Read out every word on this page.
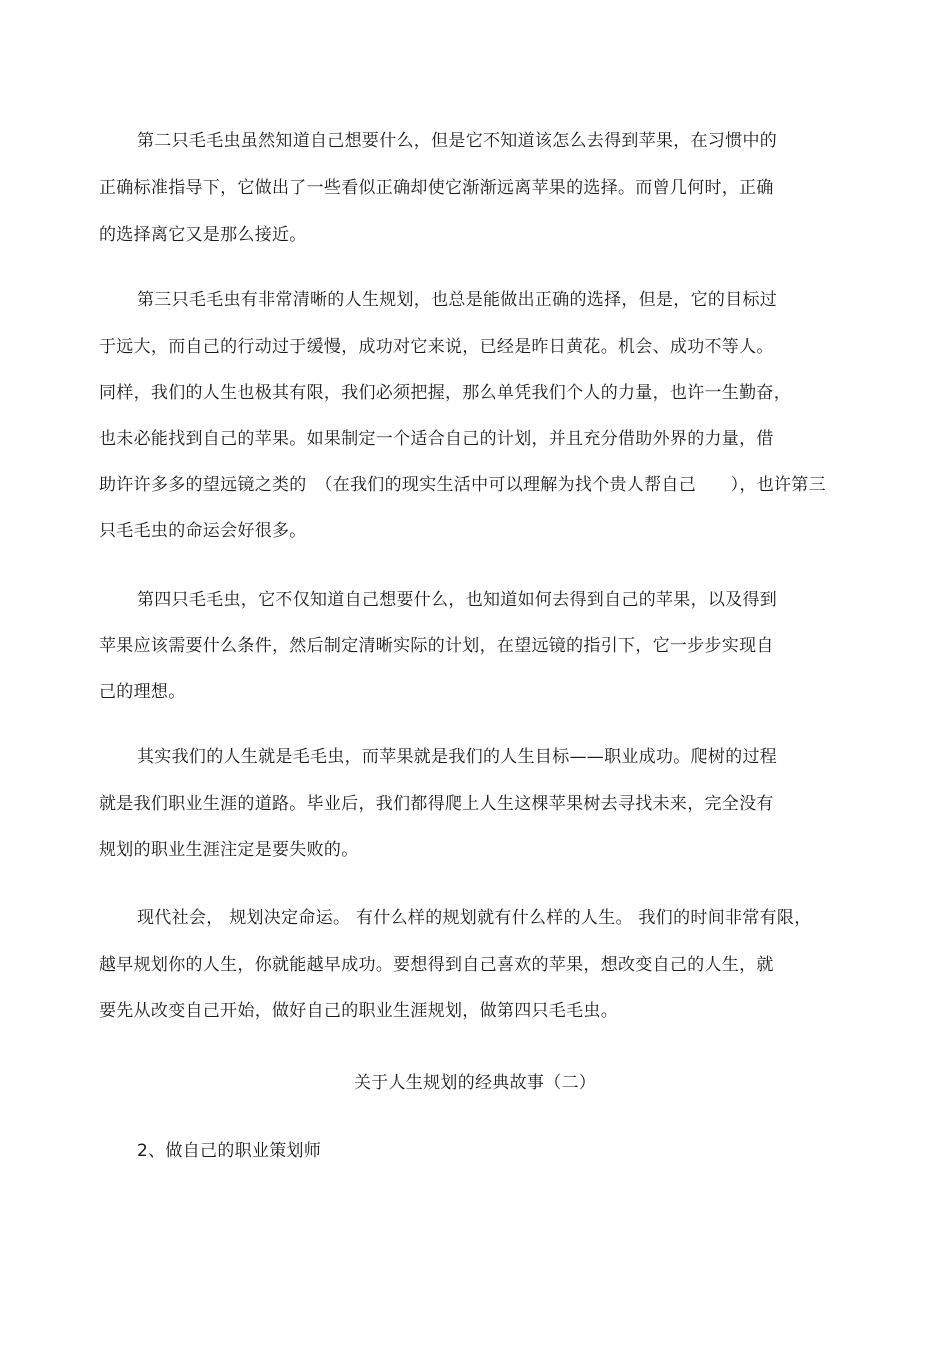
第二只毛毛虫虽然知道自己想要什么，但是它不知道该怎么去得到苹果，在习惯中的
正确标准指导下，它做出了一些看似正确却使它渐渐远离苹果的选择。而曾几何时，正确
的选择离它又是那么接近。
第三只毛毛虫有非常清晰的人生规划，也总是能做出正确的选择，但是，它的目标过
于远大，而自己的行动过于缓慢，成功对它来说，已经是昨日黄花。机会、成功不等人。
同样，我们的人生也极其有限，我们必须把握，那么单凭我们个人的力量，也许一生勤奋，
也未必能找到自己的苹果。如果制定一个适合自己的计划，并且充分借助外界的力量，借
助许许多多的望远镜之类的　（在我们的现实生活中可以理解为找个贵人帮自己　　），也许第三
只毛毛虫的命运会好很多。
第四只毛毛虫，它不仅知道自己想要什么，也知道如何去得到自己的苹果，以及得到
苹果应该需要什么条件，然后制定清晰实际的计划，在望远镜的指引下，它一步步实现自
己的理想。
其实我们的人生就是毛毛虫，而苹果就是我们的人生目标——职业成功。爬树的过程
就是我们职业生涯的道路。毕业后，我们都得爬上人生这棵苹果树去寻找未来，完全没有
规划的职业生涯注定是要失败的。
现代社会， 规划决定命运。 有什么样的规划就有什么样的人生。 我们的时间非常有限，
越早规划你的人生，你就能越早成功。要想得到自己喜欢的苹果，想改变自己的人生，就
要先从改变自己开始，做好自己的职业生涯规划，做第四只毛毛虫。
关于人生规划的经典故事（二）
2、做自己的职业策划师
